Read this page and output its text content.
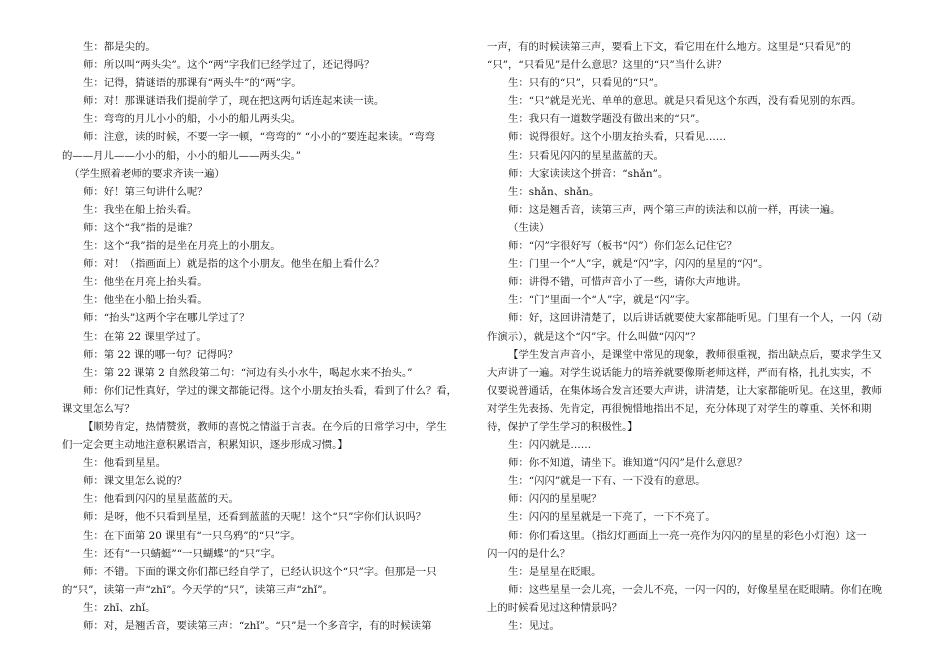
生：都是尖的。
师：所以叫“两头尖”。这个“两”字我们已经学过了，还记得吗？
生：记得，猜谜语的那课有“两头牛”的“两”字。
师：对！那课谜语我们提前学了，现在把这两句话连起来读一读。
生：弯弯的月儿小小的船，小小的船儿两头尖。
师：注意，读的时候，不要一字一顿，“弯弯的” “小小的”要连起来读。“弯弯
的——月儿——小小的船，小小的船儿——两头尖。”
（学生照着老师的要求齐读一遍）
师：好！第三句讲什么呢？
生：我坐在船上抬头看。
师：这个“我”指的是谁？
生：这个“我”指的是坐在月亮上的小朋友。
师：对！（指画面上）就是指的这个小朋友。他坐在船上看什么？
生：他坐在月亮上抬头看。
生：他坐在小船上抬头看。
师：“抬头”这两个字在哪儿学过了？
生：在第 22 课里学过了。
师：第 22 课的哪一句？记得吗？
生：第 22 课第 2 自然段第二句：“河边有头小水牛，喝起水来不抬头。”
师：你们记性真好，学过的课文都能记得。这个小朋友抬头看，看到了什么？看，
课文里怎么写？
【顺势肯定，热情赞赏，教师的喜悦之情溢于言表。在今后的日常学习中，学生
们一定会更主动地注意积累语言，积累知识，逐步形成习惯。】
生：他看到星星。
师：课文里怎么说的？
生：他看到闪闪的星星蓝蓝的天。
师：是呀，他不只看到星星，还看到蓝蓝的天呢！这个“只”字你们认识吗？
生：在下面第 20 课里有“一只乌鸦”的“只”字。
生：还有“一只蜻蜓”“一只蝴蝶”的“只”字。
师：不错。下面的课文你们都已经自学了，已经认识这个“只”字。但那是一只
的“只”，读第一声“zhī”。今天学的“只”，读第三声“zhǐ”。
生：zhī、zhǐ。
师：对，是翘舌音，要读第三声：“zhǐ”。“只”是一个多音字，有的时候读第
一声，有的时候读第三声，要看上下文，看它用在什么地方。这里是“只看见”的
“只”，“只看见”是什么意思？这里的“只”当什么讲？
生：只有的“只”，只看见的“只”。
生：“只”就是光光、单单的意思。就是只看见这个东西，没有看见别的东西。
生：我只有一道数学题没有做出来的“只”。
师：说得很好。这个小朋友抬头看，只看见……
生：只看见闪闪的星星蓝蓝的天。
师：大家读读这个拼音：“shǎn”。
生：shǎn、shǎn。
师：这是翘舌音，读第三声，两个第三声的读法和以前一样，再读一遍。
（生读）
师：“闪”字很好写（板书“闪”）你们怎么记住它？
生：门里一个“人”字，就是“闪”字，闪闪的星星的“闪”。
师：讲得不错，可惜声音小了一些，请你大声地讲。
生：“门”里面一个“人”字，就是“闪”字。
师：好，这回讲清楚了，以后讲话就要使大家都能听见。门里有一个人，一闪（动
作演示），就是这个“闪”字。什么叫做“闪闪”？
【学生发言声音小，是课堂中常见的现象，教师很重视，指出缺点后，要求学生又
大声讲了一遍。对学生说话能力的培养就要像斯老师这样，严而有格，扎扎实实，不
仅要说普通话，在集体场合发言还要大声讲，讲清楚，让大家都能听见。在这里，教师
对学生先表扬、先肯定，再很惋惜地指出不足，充分体现了对学生的尊重、关怀和期
待，保护了学生学习的积极性。】
生：闪闪就是……
师：你不知道，请坐下。谁知道“闪闪”是什么意思？
生：“闪闪”就是一下有、一下没有的意思。
师：闪闪的星星呢？
生：闪闪的星星就是一下亮了，一下不亮了。
师：你们看这里。（指幻灯画面上一亮一亮作为闪闪的星星的彩色小灯泡）这一
闪一闪的是什么？
生：是星星在眨眼。
师：这些星星一会儿亮，一会儿不亮，一闪一闪的，好像星星在眨眼睛。你们在晚
上的时候看见过这种情景吗？
生：见过。
